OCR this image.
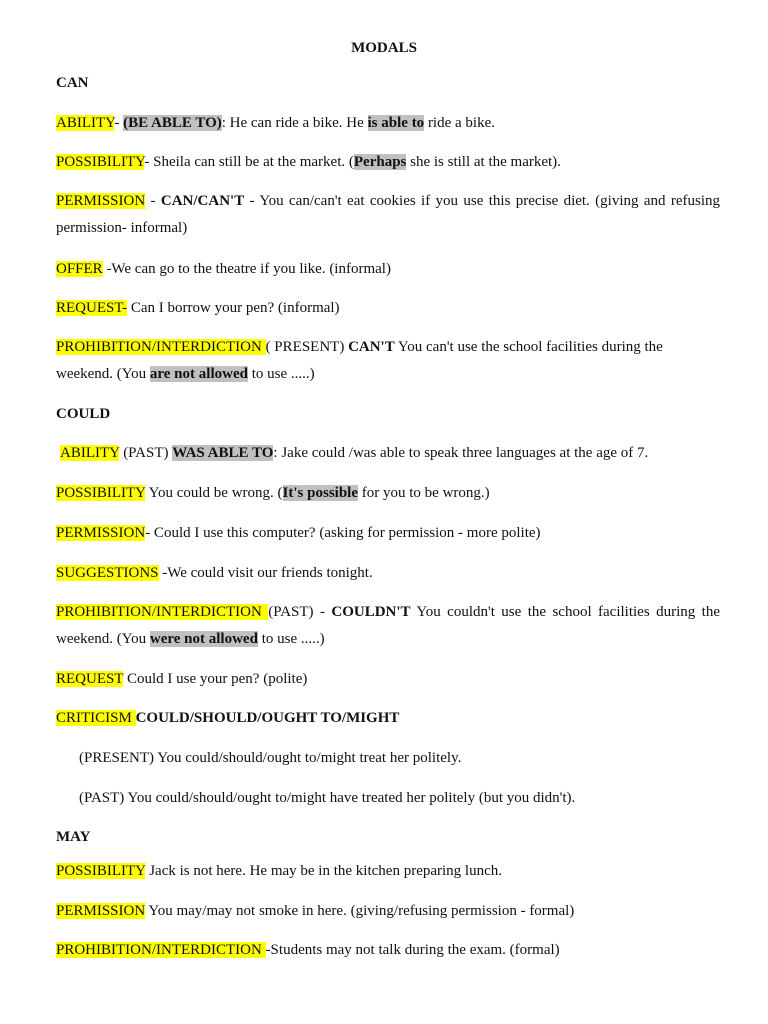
MODALS
CAN
ABILITY- (BE ABLE TO): He can ride a bike. He is able to ride a bike.
POSSIBILITY- Sheila can still be at the market. (Perhaps she is still at the market).
PERMISSION - CAN/CAN'T - You can/can't eat cookies if you use this precise diet. (giving and refusing permission- informal)
OFFER -We can go to the theatre if you like. (informal)
REQUEST- Can I borrow your pen? (informal)
PROHIBITION/INTERDICTION ( PRESENT) CAN'T You can't use the school facilities during the weekend. (You are not allowed to use .....)
COULD
ABILITY (PAST) WAS ABLE TO: Jake could /was able to speak three languages at the age of 7.
POSSIBILITY You could be wrong. (It's possible for you to be wrong.)
PERMISSION- Could I use this computer? (asking for permission - more polite)
SUGGESTIONS -We could visit our friends tonight.
PROHIBITION/INTERDICTION (PAST) - COULDN'T You couldn't use the school facilities during the weekend. (You were not allowed to use .....)
REQUEST Could I use your pen? (polite)
CRITICISM COULD/SHOULD/OUGHT TO/MIGHT
(PRESENT) You could/should/ought to/might treat her politely.
(PAST) You could/should/ought to/might have treated her politely (but you didn't).
MAY
POSSIBILITY Jack is not here. He may be in the kitchen preparing lunch.
PERMISSION You may/may not smoke in here. (giving/refusing permission - formal)
PROHIBITION/INTERDICTION -Students may not talk during the exam. (formal)
